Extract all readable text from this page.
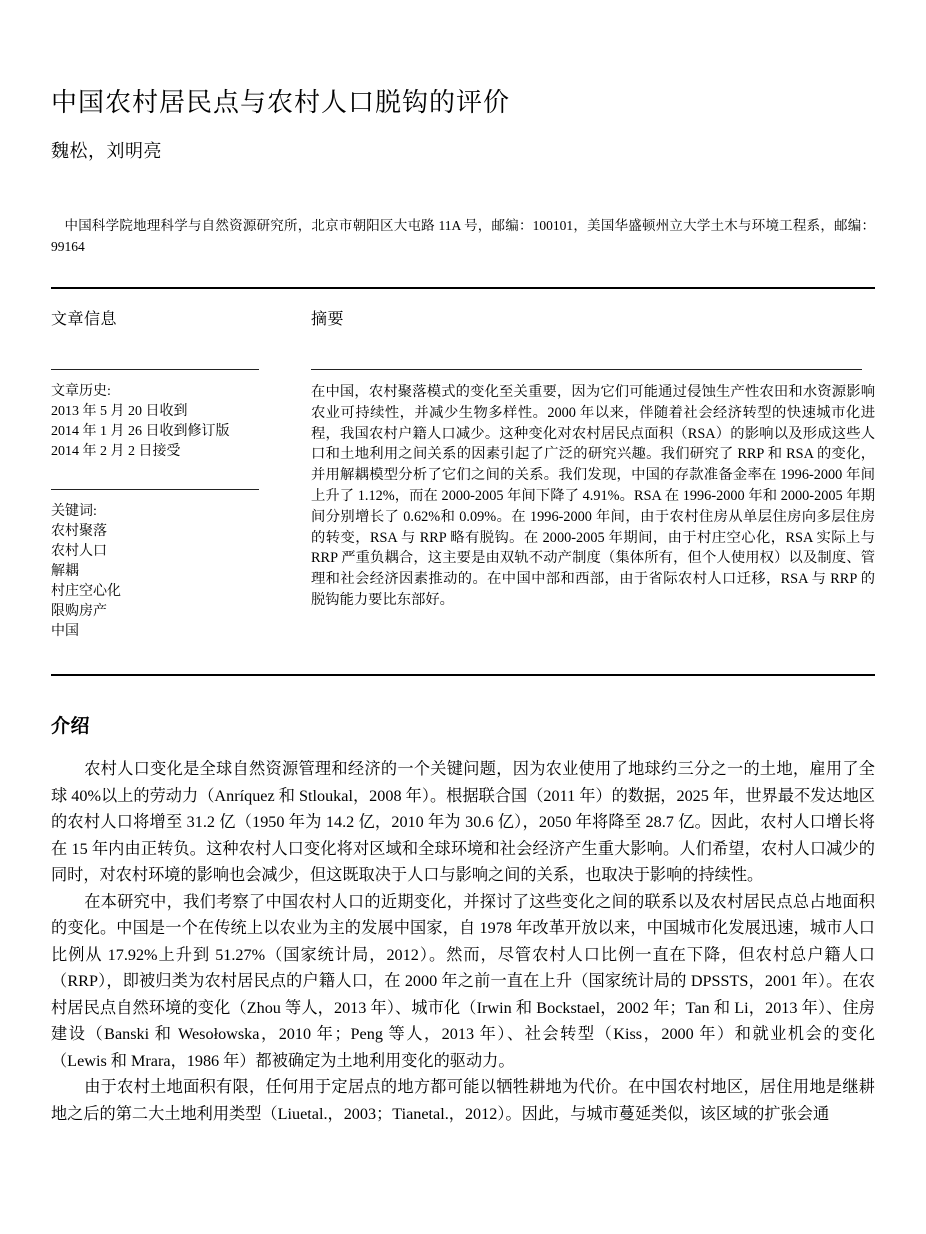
中国农村居民点与农村人口脱钩的评价
魏松，刘明亮

中国科学院地理科学与自然资源研究所，北京市朝阳区大屯路 11A 号，邮编：100101，美国华盛顿州立大学土木与环境工程系，邮编：99164

文章信息
文章历史:
2013 年 5 月 20 日收到
2014 年 1 月 26 日收到修订版
2014 年 2 月 2 日接受
关键词:
农村聚落
农村人口
解耦
村庄空心化
限购房产
中国
摘要

在中国，农村聚落模式的变化至关重要，因为它们可能通过侵蚀生产性农田和水资源影响农业可持续性，并减少生物多样性。2000 年以来，伴随着社会经济转型的快速城市化进程，我国农村户籍人口减少。这种变化对农村居民点面积（RSA）的影响以及形成这些人口和土地利用之间关系的因素引起了广泛的研究兴趣。我们研究了 RRP 和 RSA 的变化，并用解耦模型分析了它们之间的关系。我们发现，中国的存款准备金率在 1996-2000 年间上升了 1.12%，而在 2000-2005 年间下降了 4.91%。RSA 在 1996-2000 年和 2000-2005 年期间分别增长了 0.62%和 0.09%。在 1996-2000 年间，由于农村住房从单层住房向多层住房的转变，RSA 与 RRP 略有脱钩。在 2000-2005 年期间，由于村庄空心化，RSA 实际上与 RRP 严重负耦合，这主要是由双轨不动产制度（集体所有，但个人使用权）以及制度、管理和社会经济因素推动的。在中国中部和西部，由于省际农村人口迁移，RSA 与 RRP 的脱钩能力要比东部好。

介绍

农村人口变化是全球自然资源管理和经济的一个关键问题，因为农业使用了地球约三分之一的土地，雇用了全球 40%以上的劳动力（Anríquez 和 Stloukal，2008 年）。根据联合国（2011 年）的数据，2025 年，世界最不发达地区的农村人口将增至 31.2 亿（1950 年为 14.2 亿，2010 年为 30.6 亿），2050 年将降至 28.7 亿。因此，农村人口增长将在 15 年内由正转负。这种农村人口变化将对区域和全球环境和社会经济产生重大影响。人们希望，农村人口减少的同时，对农村环境的影响也会减少，但这既取决于人口与影响之间的关系，也取决于影响的持续性。

在本研究中，我们考察了中国农村人口的近期变化，并探讨了这些变化之间的联系以及农村居民点总占地面积的变化。中国是一个在传统上以农业为主的发展中国家，自 1978 年改革开放以来，中国城市化发展迅速，城市人口比例从 17.92%上升到 51.27%（国家统计局，2012）。然而，尽管农村人口比例一直在下降，但农村总户籍人口（RRP），即被归类为农村居民点的户籍人口，在 2000 年之前一直在上升（国家统计局的 DPSSTS，2001 年）。在农村居民点自然环境的变化（Zhou 等人，2013 年）、城市化（Irwin 和 Bockstael，2002 年；Tan 和 Li，2013 年）、住房建设（Banski 和 Wesołowska，2010 年；Peng 等人，2013 年）、社会转型（Kiss，2000 年）和就业机会的变化（Lewis 和 Mrara，1986 年）都被确定为土地利用变化的驱动力。

由于农村土地面积有限，任何用于定居点的地方都可能以牺牲耕地为代价。在中国农村地区，居住用地是继耕地之后的第二大土地利用类型（Liuetal.，2003；Tianetal.，2012）。因此，与城市蔓延类似，该区域的扩张会通
